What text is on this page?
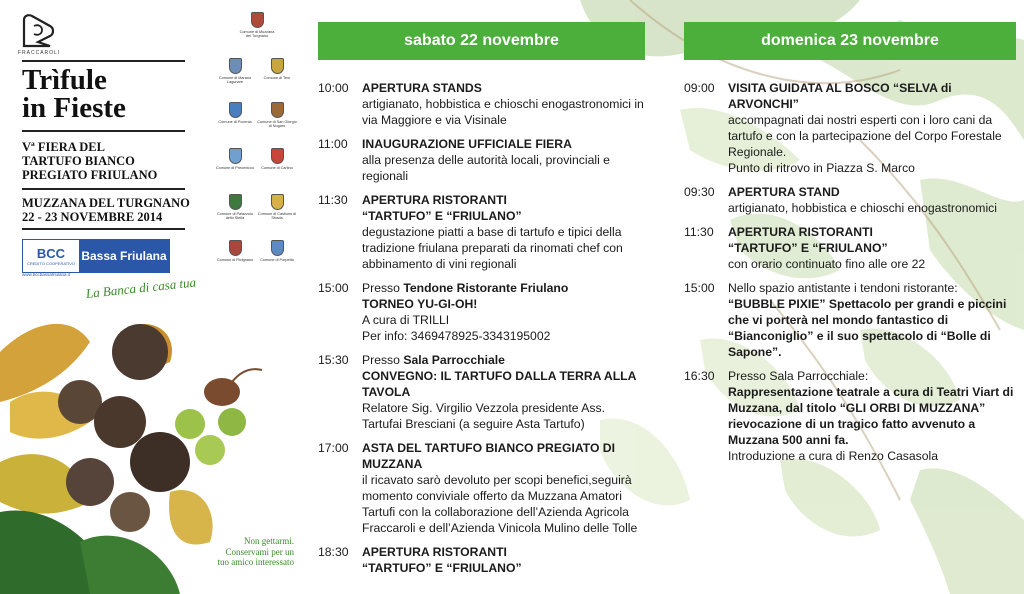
FRACCAROLI
Trìfule
in Fieste
Vª FIERA DEL
TARTUFO BIANCO
PREGIATO FRIULANO
MUZZANA DEL TURGNANO
22 - 23 NOVEMBRE 2014
BCC
CREDITO COOPERATIVO
Bassa Friulana
www.bccbassafriulana.it La Banca di casa tua
Comune di Muzzana del Turgnano
Comune di Marano Lagunare
Comune di Teor
Comune di Pocenia	Comune di San Giorgio di Nogaro
Comune di Precenicco	Comune di Carlino
Comune di Palazzolo dello Stella
Comune di Castions di Strada
Comune di Rivignano	Comune di Porpetto
Non gettarmi.
Conservami per un
tuo amico interessato
sabato 22 novembre
10:00	APERTURA STANDS
artigianato, hobbistica e chioschi enogastronomici in via Maggiore e via Visinale
11:00	INAUGURAZIONE UFFICIALE FIERA
alla presenza delle autorità locali, provinciali e regionali
11:30	APERTURA RISTORANTI
“TARTUFO” E “FRIULANO”
degustazione piatti a base di tartufo e tipici della tradizione friulana preparati da rinomati chef con abbinamento di vini regionali
15:00	Presso Tendone Ristorante Friulano
TORNEO YU-GI-OH!
A cura di TRILLI
Per info: 3469478925-3343195002
15:30	Presso Sala Parrocchiale
CONVEGNO: IL TARTUFO DALLA TERRA ALLA TAVOLA
Relatore Sig. Virgilio Vezzola presidente Ass. Tartufai Bresciani (a seguire Asta Tartufo)
17:00	ASTA DEL TARTUFO BIANCO PREGIATO DI MUZZANA
il ricavato sarò devoluto per scopi benefici,seguirà momento conviviale offerto da Muzzana Amatori Tartufi con la collaborazione dell’Azienda Agricola Fraccaroli e dell’Azienda Vinicola Mulino delle Tolle
18:30	APERTURA RISTORANTI
“TARTUFO” E “FRIULANO”
domenica 23 novembre
09:00	VISITA GUIDATA AL BOSCO “SELVA di ARVONCHI”
accompagnati dai nostri esperti con i loro cani da tartufo e con la partecipazione del Corpo Forestale Regionale.
Punto di ritrovo in Piazza S. Marco
09:30	APERTURA STAND
artigianato, hobbistica e chioschi enogastronomici
11:30	APERTURA RISTORANTI
“TARTUFO” E “FRIULANO”
con orario continuato fino alle ore 22
15:00	Nello spazio antistante i tendoni ristorante:
“BUBBLE PIXIE” Spettacolo per grandi e piccini che vi porterà nel mondo fantastico di “Bianconiglio” e il suo spettacolo di “Bolle di Sapone”.
16:30	Presso Sala Parrocchiale:
Rappresentazione teatrale a cura di Teatri Viart di Muzzana, dal titolo “GLI ORBI DI MUZZANA” rievocazione di un tragico fatto avvenuto a Muzzana 500 anni fa.
Introduzione a cura di Renzo Casasola
